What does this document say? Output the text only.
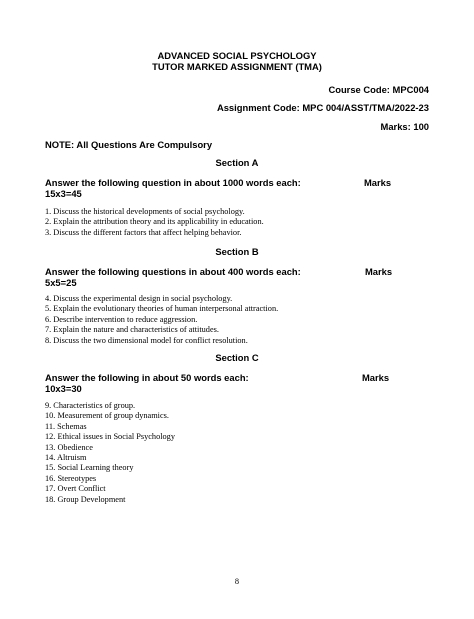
ADVANCED SOCIAL PSYCHOLOGY
TUTOR MARKED ASSIGNMENT (TMA)
Course Code: MPC004
Assignment Code: MPC 004/ASST/TMA/2022-23
Marks: 100
NOTE: All Questions Are Compulsory
Section A
Answer the following question in about 1000 words each:	Marks
15x3=45
1. Discuss the historical developments of social psychology.
2. Explain the attribution theory and its applicability in education.
3. Discuss the different factors that affect helping behavior.
Section B
Answer the following questions in about 400 words each:	Marks
5x5=25
4. Discuss the experimental design in social psychology.
5. Explain the evolutionary theories of human interpersonal attraction.
6. Describe intervention to reduce aggression.
7. Explain the nature and characteristics of attitudes.
8. Discuss the two dimensional model for conflict resolution.
Section C
Answer the following in about 50 words each:	Marks
10x3=30
9. Characteristics of group.
10. Measurement of group dynamics.
11. Schemas
12. Ethical issues in Social Psychology
13. Obedience
14. Altruism
15. Social Learning theory
16. Stereotypes
17. Overt Conflict
18. Group Development
8
